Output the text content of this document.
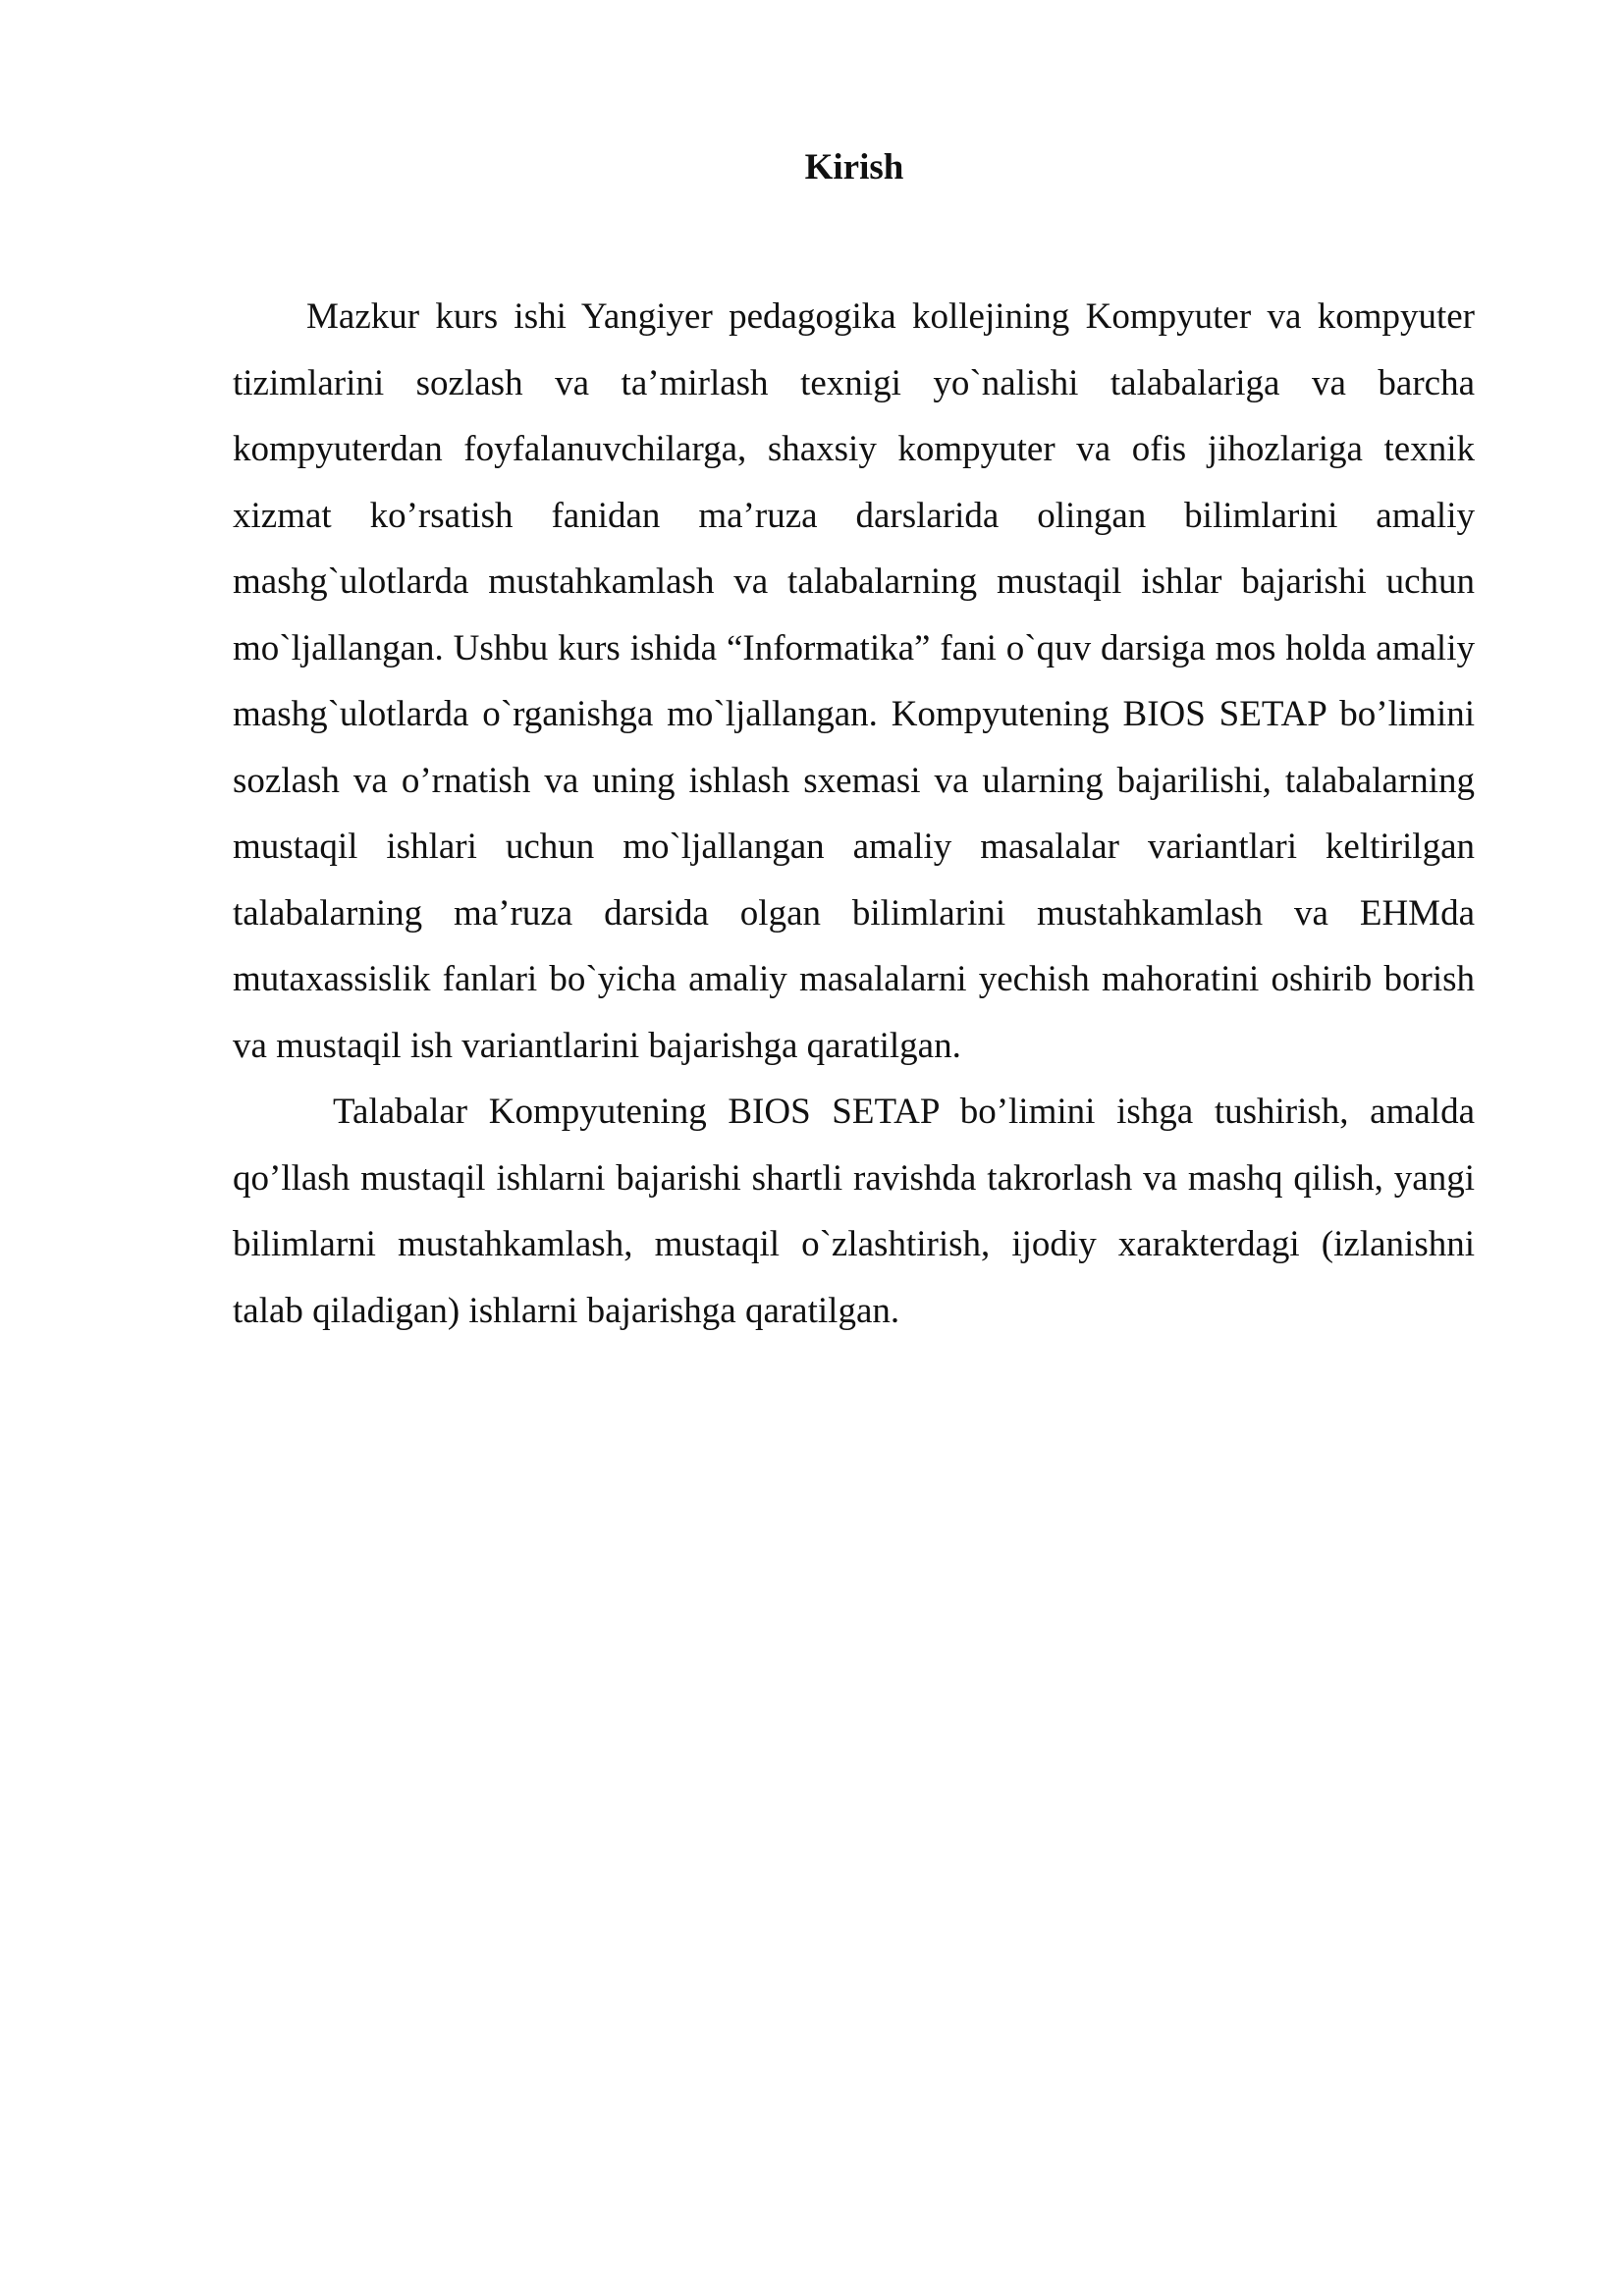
Kirish

Mazkur kurs ishi Yangiyer pedagogika kollejining Kompyuter va kompyuter tizimlarini sozlash va ta’mirlash texnigi yo`nalishi talabalariga va barcha kompyuterdan foyfalanuvchilarga, shaxsiy kompyuter va ofis jihozlariga texnik xizmat ko’rsatish fanidan ma’ruza darslarida olingan bilimlarini amaliy mashg`ulotlarda mustahkamlash va talabalarning mustaqil ishlar bajarishi uchun mo`ljallangan. Ushbu kurs ishida “Informatika” fani o`quv darsiga mos holda amaliy mashg`ulotlarda o`rganishga mo`ljallangan. Kompyutening BIOS SETAP bo’limini sozlash va o’rnatish va uning ishlash sxemasi va ularning bajarilishi, talabalarning mustaqil ishlari uchun mo`ljallangan amaliy masalalar variantlari keltirilgan talabalarning ma’ruza darsida olgan bilimlarini mustahkamlash va EHMda mutaxassislik fanlari bo`yicha amaliy masalalarni yechish mahoratini oshirib borish va mustaqil ish variantlarini bajarishga qaratilgan.

Talabalar Kompyutening BIOS SETAP bo’limini ishga tushirish, amalda qo’llash mustaqil ishlarni bajarishi shartli ravishda takrorlash va mashq qilish, yangi bilimlarni mustahkamlash, mustaqil o`zlashtirish, ijodiy xarakterdagi (izlanishni talab qiladigan) ishlarni bajarishga qaratilgan.
